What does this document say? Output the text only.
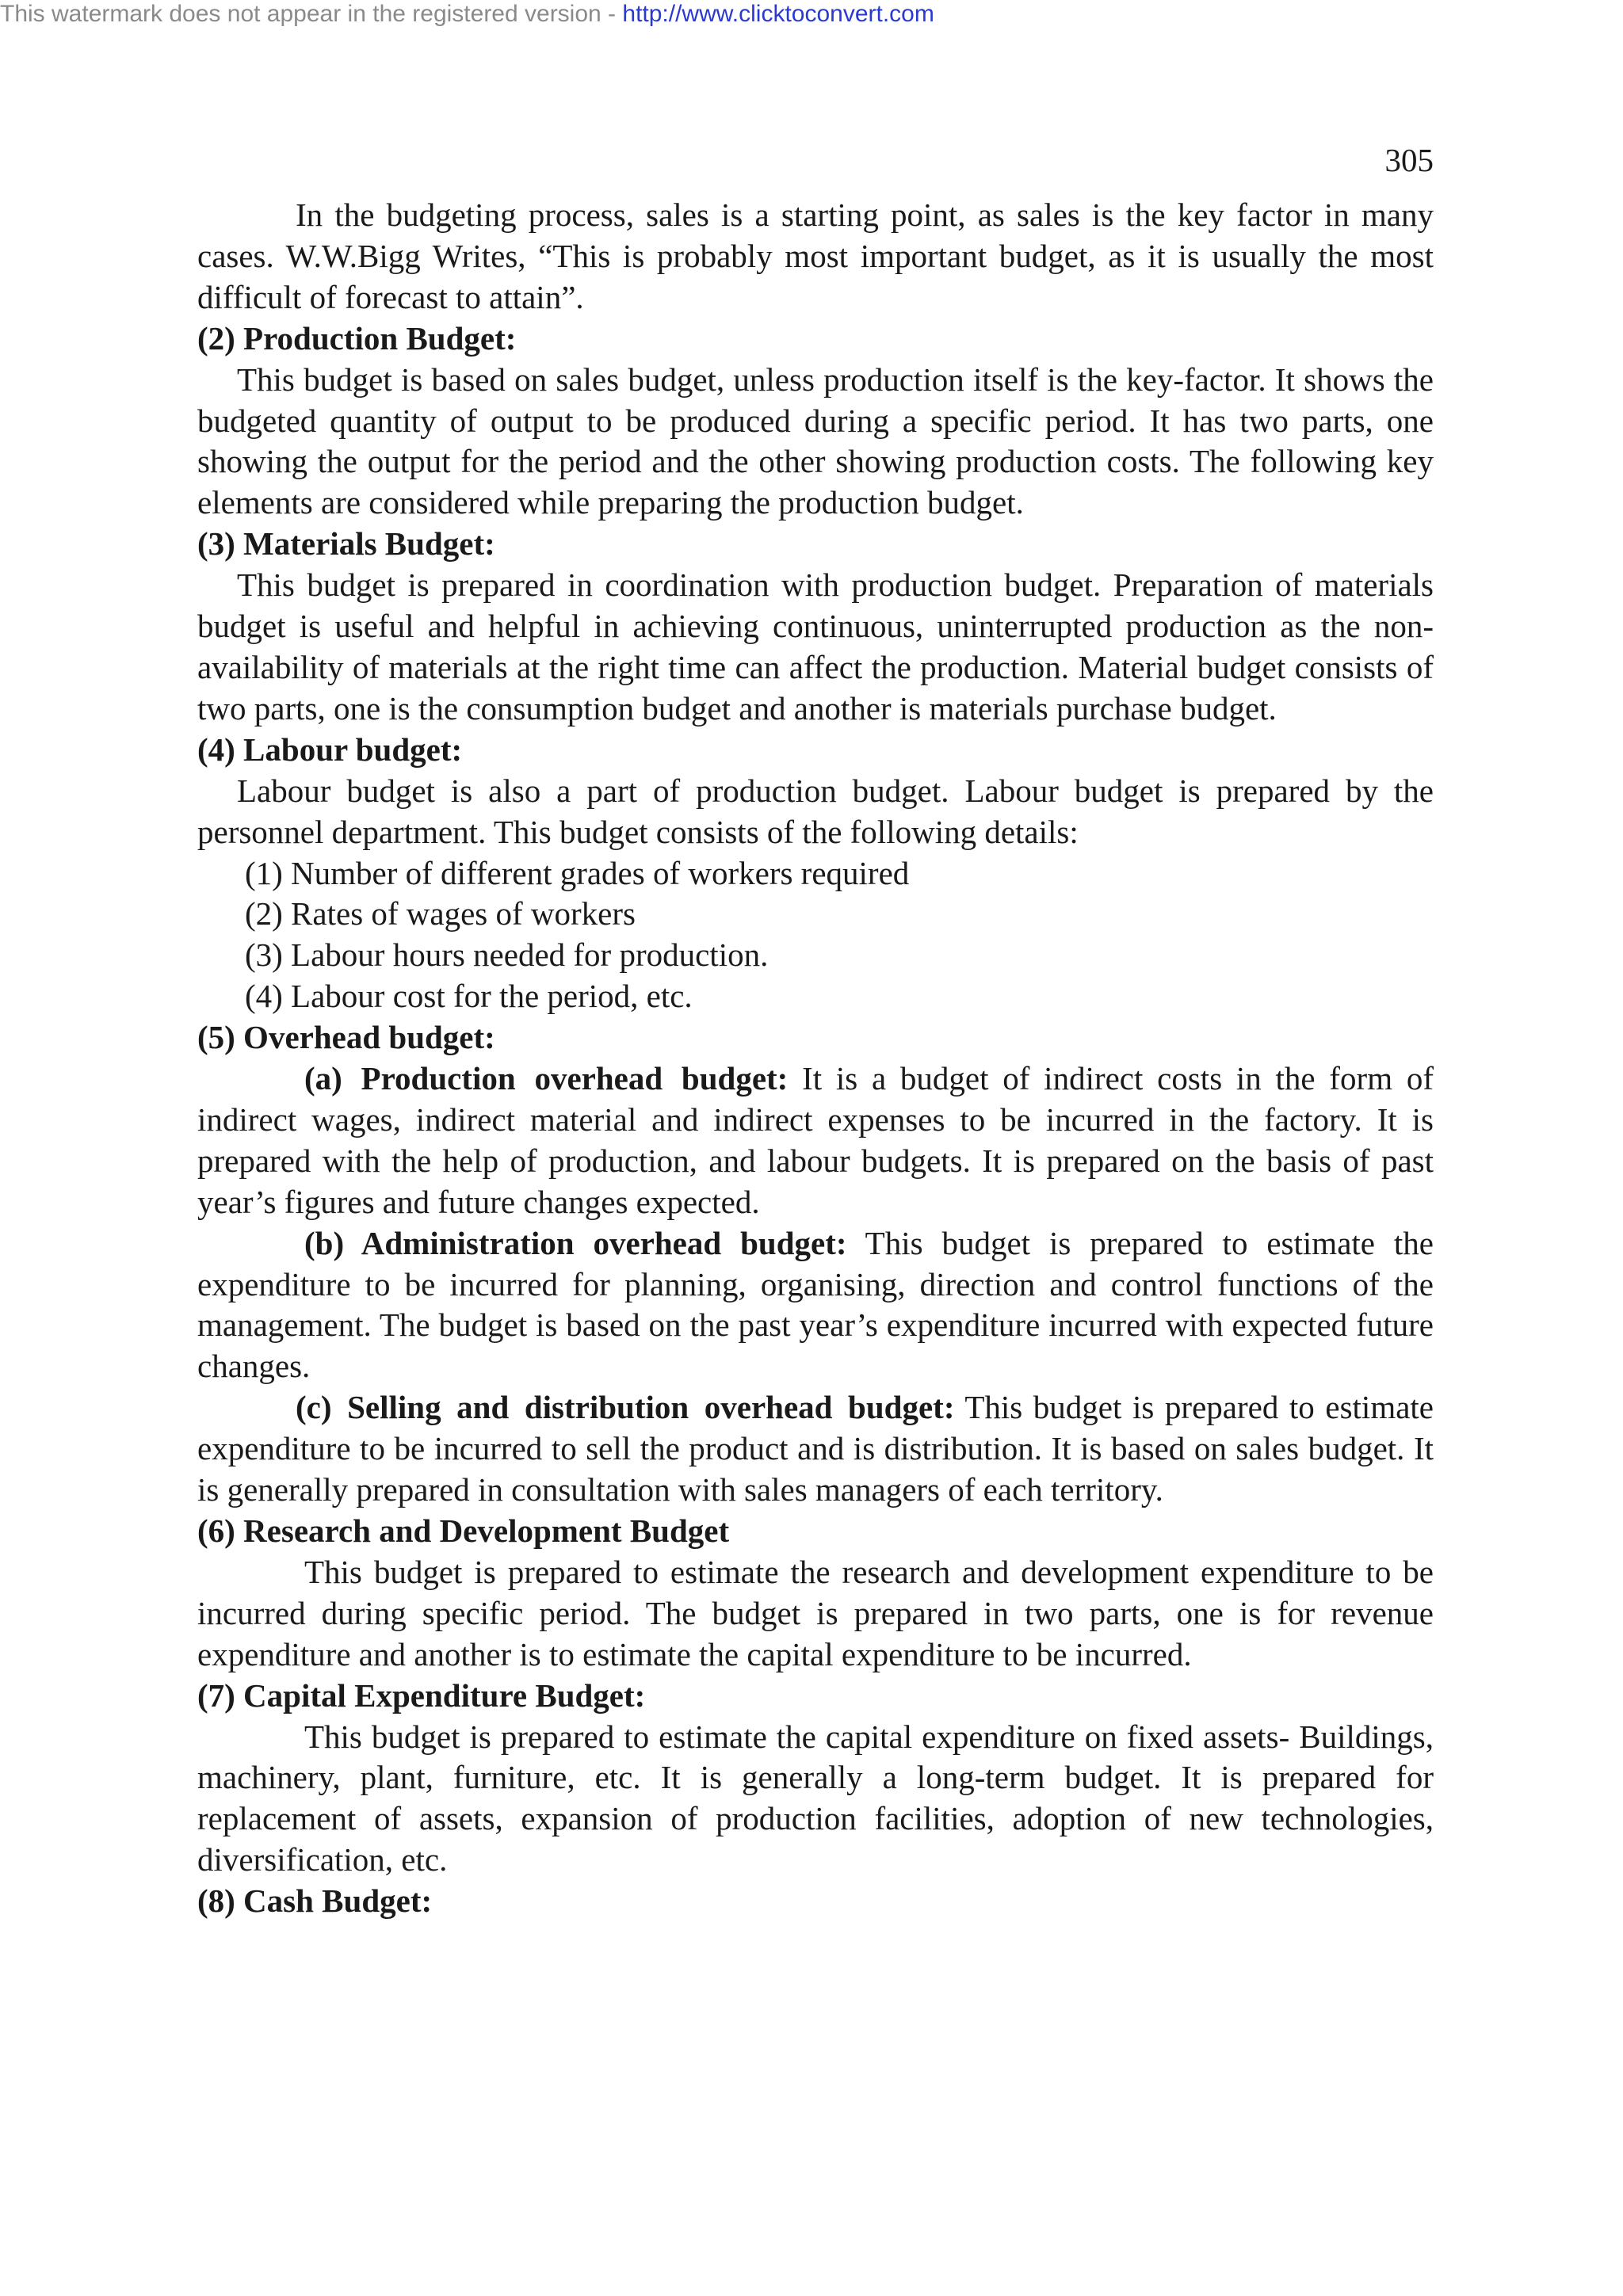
This watermark does not appear in the registered version - http://www.clicktoconvert.com
305

In the budgeting process, sales is a starting point, as sales is the key factor in many cases. W.W.Bigg Writes, “This is probably most important budget, as it is usually the most difficult of forecast to attain”.

(2) Production Budget:

This budget is based on sales budget, unless production itself is the key-factor. It shows the budgeted quantity of output to be produced during a specific period. It has two parts, one showing the output for the period and the other showing production costs. The following key elements are considered while preparing the production budget.

(3) Materials Budget:

This budget is prepared in coordination with production budget. Preparation of materials budget is useful and helpful in achieving continuous, uninterrupted production as the non-availability of materials at the right time can affect the production. Material budget consists of two parts, one is the consumption budget and another is materials purchase budget.

(4) Labour budget:

Labour budget is also a part of production budget. Labour budget is prepared by the personnel department. This budget consists of the following details:

(1) Number of different grades of workers required
(2) Rates of wages of workers
(3) Labour hours needed for production.
(4) Labour cost for the period, etc.

(5) Overhead budget:

(a) Production overhead budget: It is a budget of indirect costs in the form of indirect wages, indirect material and indirect expenses to be incurred in the factory. It is prepared with the help of production, and labour budgets. It is prepared on the basis of past year’s figures and future changes expected.

(b) Administration overhead budget: This budget is prepared to estimate the expenditure to be incurred for planning, organising, direction and control functions of the management. The budget is based on the past year’s expenditure incurred with expected future changes.

(c) Selling and distribution overhead budget: This budget is prepared to estimate expenditure to be incurred to sell the product and is distribution. It is based on sales budget. It is generally prepared in consultation with sales managers of each territory.

(6) Research and Development Budget

This budget is prepared to estimate the research and development expenditure to be incurred during specific period. The budget is prepared in two parts, one is for revenue expenditure and another is to estimate the capital expenditure to be incurred.

(7) Capital Expenditure Budget:

This budget is prepared to estimate the capital expenditure on fixed assets- Buildings, machinery, plant, furniture, etc. It is generally a long-term budget. It is prepared for replacement of assets, expansion of production facilities, adoption of new technologies, diversification, etc.

(8) Cash Budget:
